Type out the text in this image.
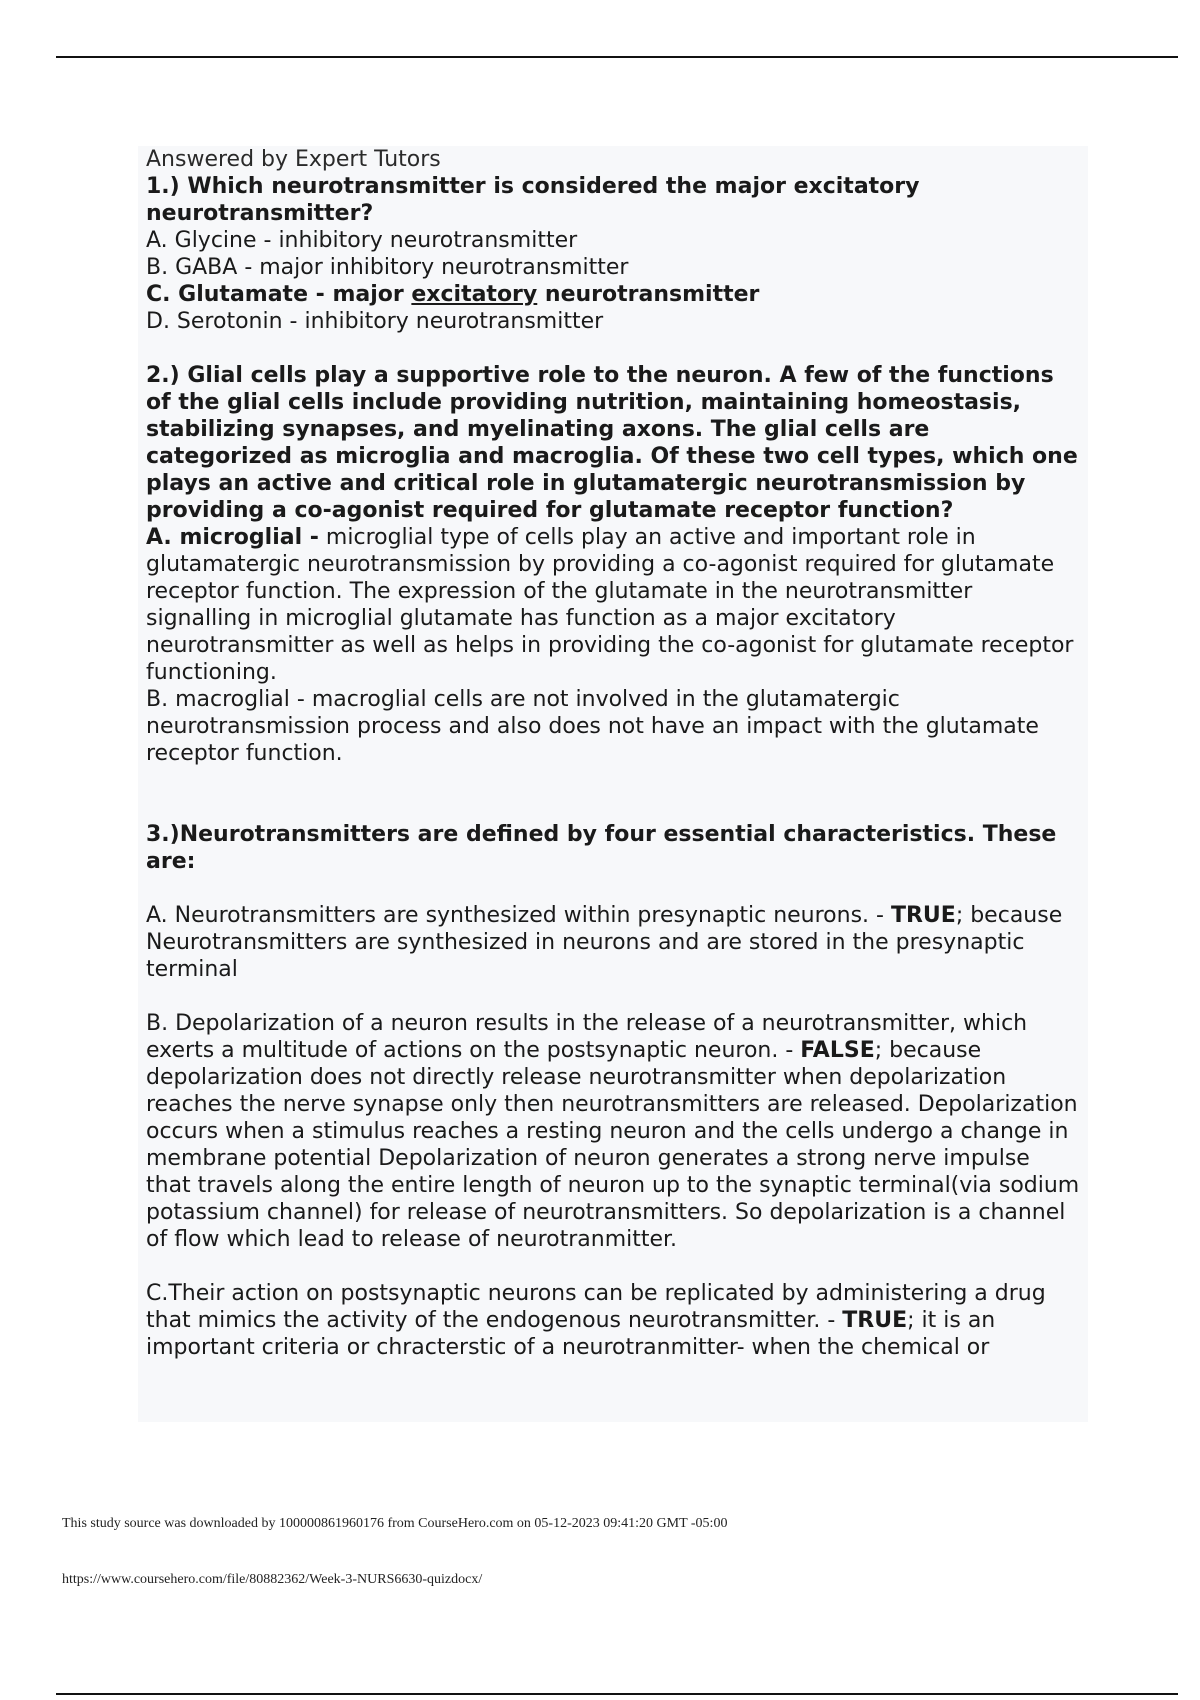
Answered by Expert Tutors

1.) Which neurotransmitter is considered the major excitatory neurotransmitter?

A. Glycine - inhibitory neurotransmitter

B. GABA - major inhibitory neurotransmitter

C. Glutamate - major excitatory neurotransmitter

D. Serotonin - inhibitory neurotransmitter

2.) Glial cells play a supportive role to the neuron. A few of the functions of the glial cells include providing nutrition, maintaining homeostasis, stabilizing synapses, and myelinating axons. The glial cells are categorized as microglia and macroglia. Of these two cell types, which one plays an active and critical role in glutamatergic neurotransmission by providing a co-agonist required for glutamate receptor function?

A. microglial - microglial type of cells play an active and important role in glutamatergic neurotransmission by providing a co-agonist required for glutamate receptor function. The expression of the glutamate in the neurotransmitter signalling in microglial glutamate has function as a major excitatory neurotransmitter as well as helps in providing the co-agonist for glutamate receptor functioning.

B. macroglial - macroglial cells are not involved in the glutamatergic neurotransmission process and also does not have an impact with the glutamate receptor function.

3.)Neurotransmitters are defined by four essential characteristics. These are:

A. Neurotransmitters are synthesized within presynaptic neurons. - TRUE; because Neurotransmitters are synthesized in neurons and are stored in the presynaptic terminal

B. Depolarization of a neuron results in the release of a neurotransmitter, which exerts a multitude of actions on the postsynaptic neuron. - FALSE; because depolarization does not directly release neurotransmitter when depolarization reaches the nerve synapse only then neurotransmitters are released. Depolarization occurs when a stimulus reaches a resting neuron and the cells undergo a change in membrane potential Depolarization of neuron generates a strong nerve impulse that travels along the entire length of neuron up to the synaptic terminal(via sodium potassium channel) for release of neurotransmitters. So depolarization is a channel of flow which lead to release of neurotranmitter.

C.Their action on postsynaptic neurons can be replicated by administering a drug that mimics the activity of the endogenous neurotransmitter. - TRUE; it is an important criteria or chracterstic of a neurotranmitter- when the chemical or

This study source was downloaded by 100000861960176 from CourseHero.com on 05-12-2023 09:41:20 GMT -05:00
https://www.coursehero.com/file/80882362/Week-3-NURS6630-quizdocx/
